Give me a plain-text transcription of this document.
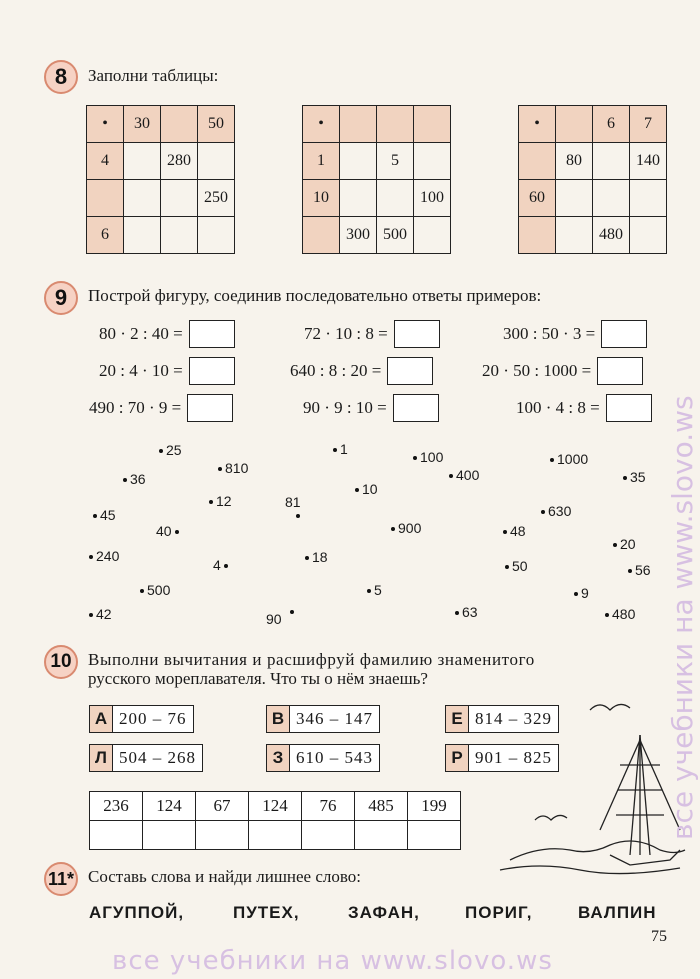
8	Заполни таблицы:
•	30		50
4		280	
			250
6			
•			
1		5	
10			100
	300	500	
•		6	7
	80		140
60			
		480	
9	Построй фигуру, соединив последовательно ответы примеров:
80 · 2 : 40 =	72 · 10 : 8 =	300 : 50 · 3 =
20 : 4 · 10 =	640 : 8 : 20 =	20 · 50 : 1000 =
490 : 70 · 9 =	90 · 9 : 10 =	100 · 4 : 8 =
25	1	100	1000
36
810	400	35
10
12	81
630
45
900	48
40
20
240	18
4	50	56
500	5	9
42	90	63	480
10 Выполни вычитания и расшифруй фамилию знаменитого
русского мореплавателя. Что ты о нём знаешь?
А 200 – 76	В 346 – 147	Е 814 – 329
Л 504 – 268	З 610 – 543	Р 901 – 825
236	124	67	124	76	485	199

11* Составь слова и найди лишнее слово:
АГУППОЙ,	ПУТЕХ,	ЗАФАН,	ПОРИГ,	ВАЛПИН
75
все учебники на www.slovo.ws
все учебники на www.slovo.ws
